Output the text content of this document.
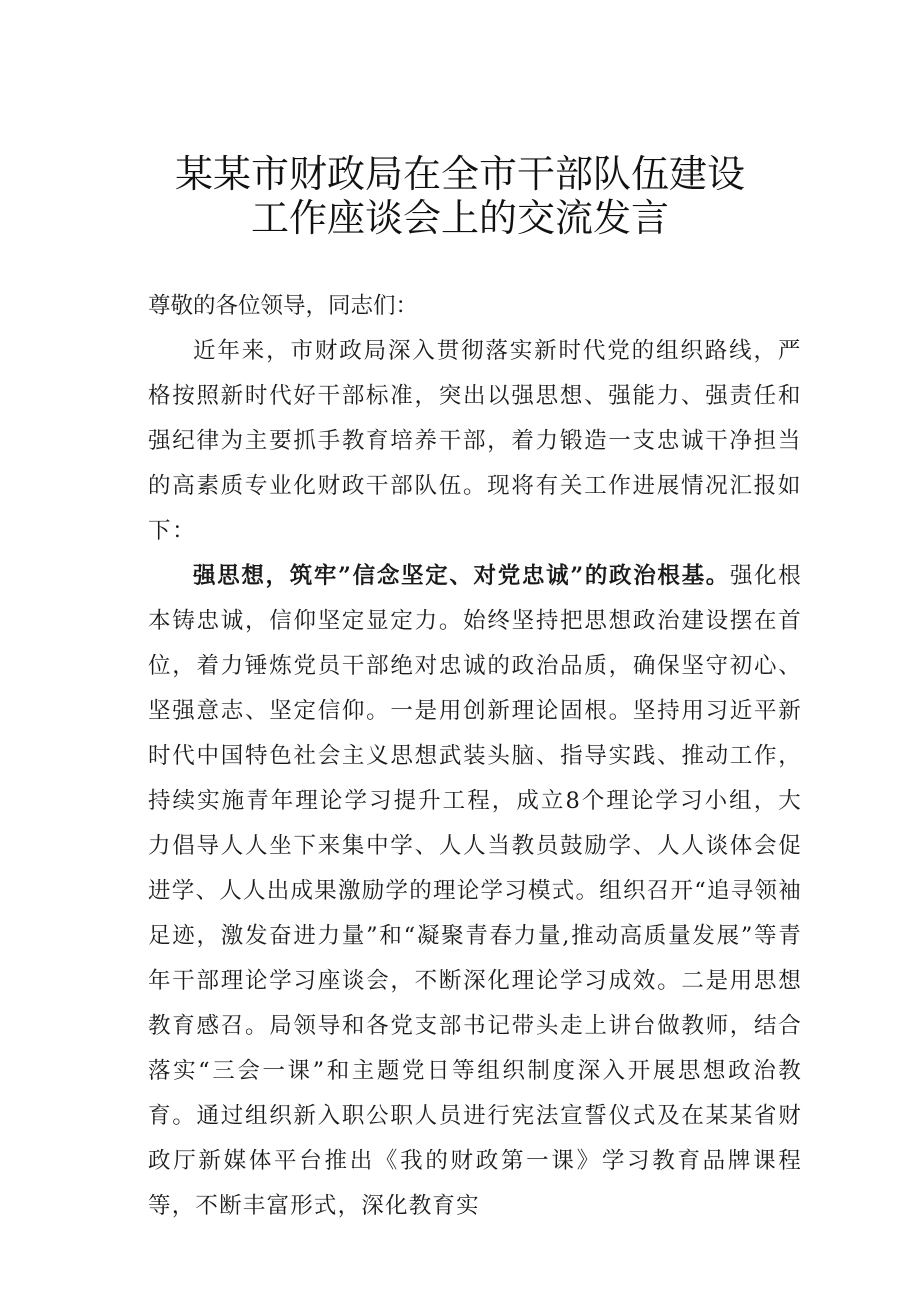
某某市财政局在全市干部队伍建设
工作座谈会上的交流发言

尊敬的各位领导，同志们：

近年来，市财政局深入贯彻落实新时代党的组织路线，严格按照新时代好干部标准，突出以强思想、强能力、强责任和强纪律为主要抓手教育培养干部，着力锻造一支忠诚干净担当的高素质专业化财政干部队伍。现将有关工作进展情况汇报如下：

强思想，筑牢”信念坚定、对党忠诚”的政治根基。强化根本铸忠诚，信仰坚定显定力。始终坚持把思想政治建设摆在首位，着力锤炼党员干部绝对忠诚的政治品质，确保坚守初心、坚强意志、坚定信仰。一是用创新理论固根。坚持用习近平新时代中国特色社会主义思想武装头脑、指导实践、推动工作，持续实施青年理论学习提升工程，成立8个理论学习小组，大力倡导人人坐下来集中学、人人当教员鼓励学、人人谈体会促进学、人人出成果激励学的理论学习模式。组织召开“追寻领袖足迹，激发奋进力量”和“凝聚青春力量,推动高质量发展”等青年干部理论学习座谈会，不断深化理论学习成效。二是用思想教育感召。局领导和各党支部书记带头走上讲台做教师，结合落实“三会一课”和主题党日等组织制度深入开展思想政治教育。通过组织新入职公职人员进行宪法宣誓仪式及在某某省财政厅新媒体平台推出《我的财政第一课》学习教育品牌课程等，不断丰富形式，深化教育实
